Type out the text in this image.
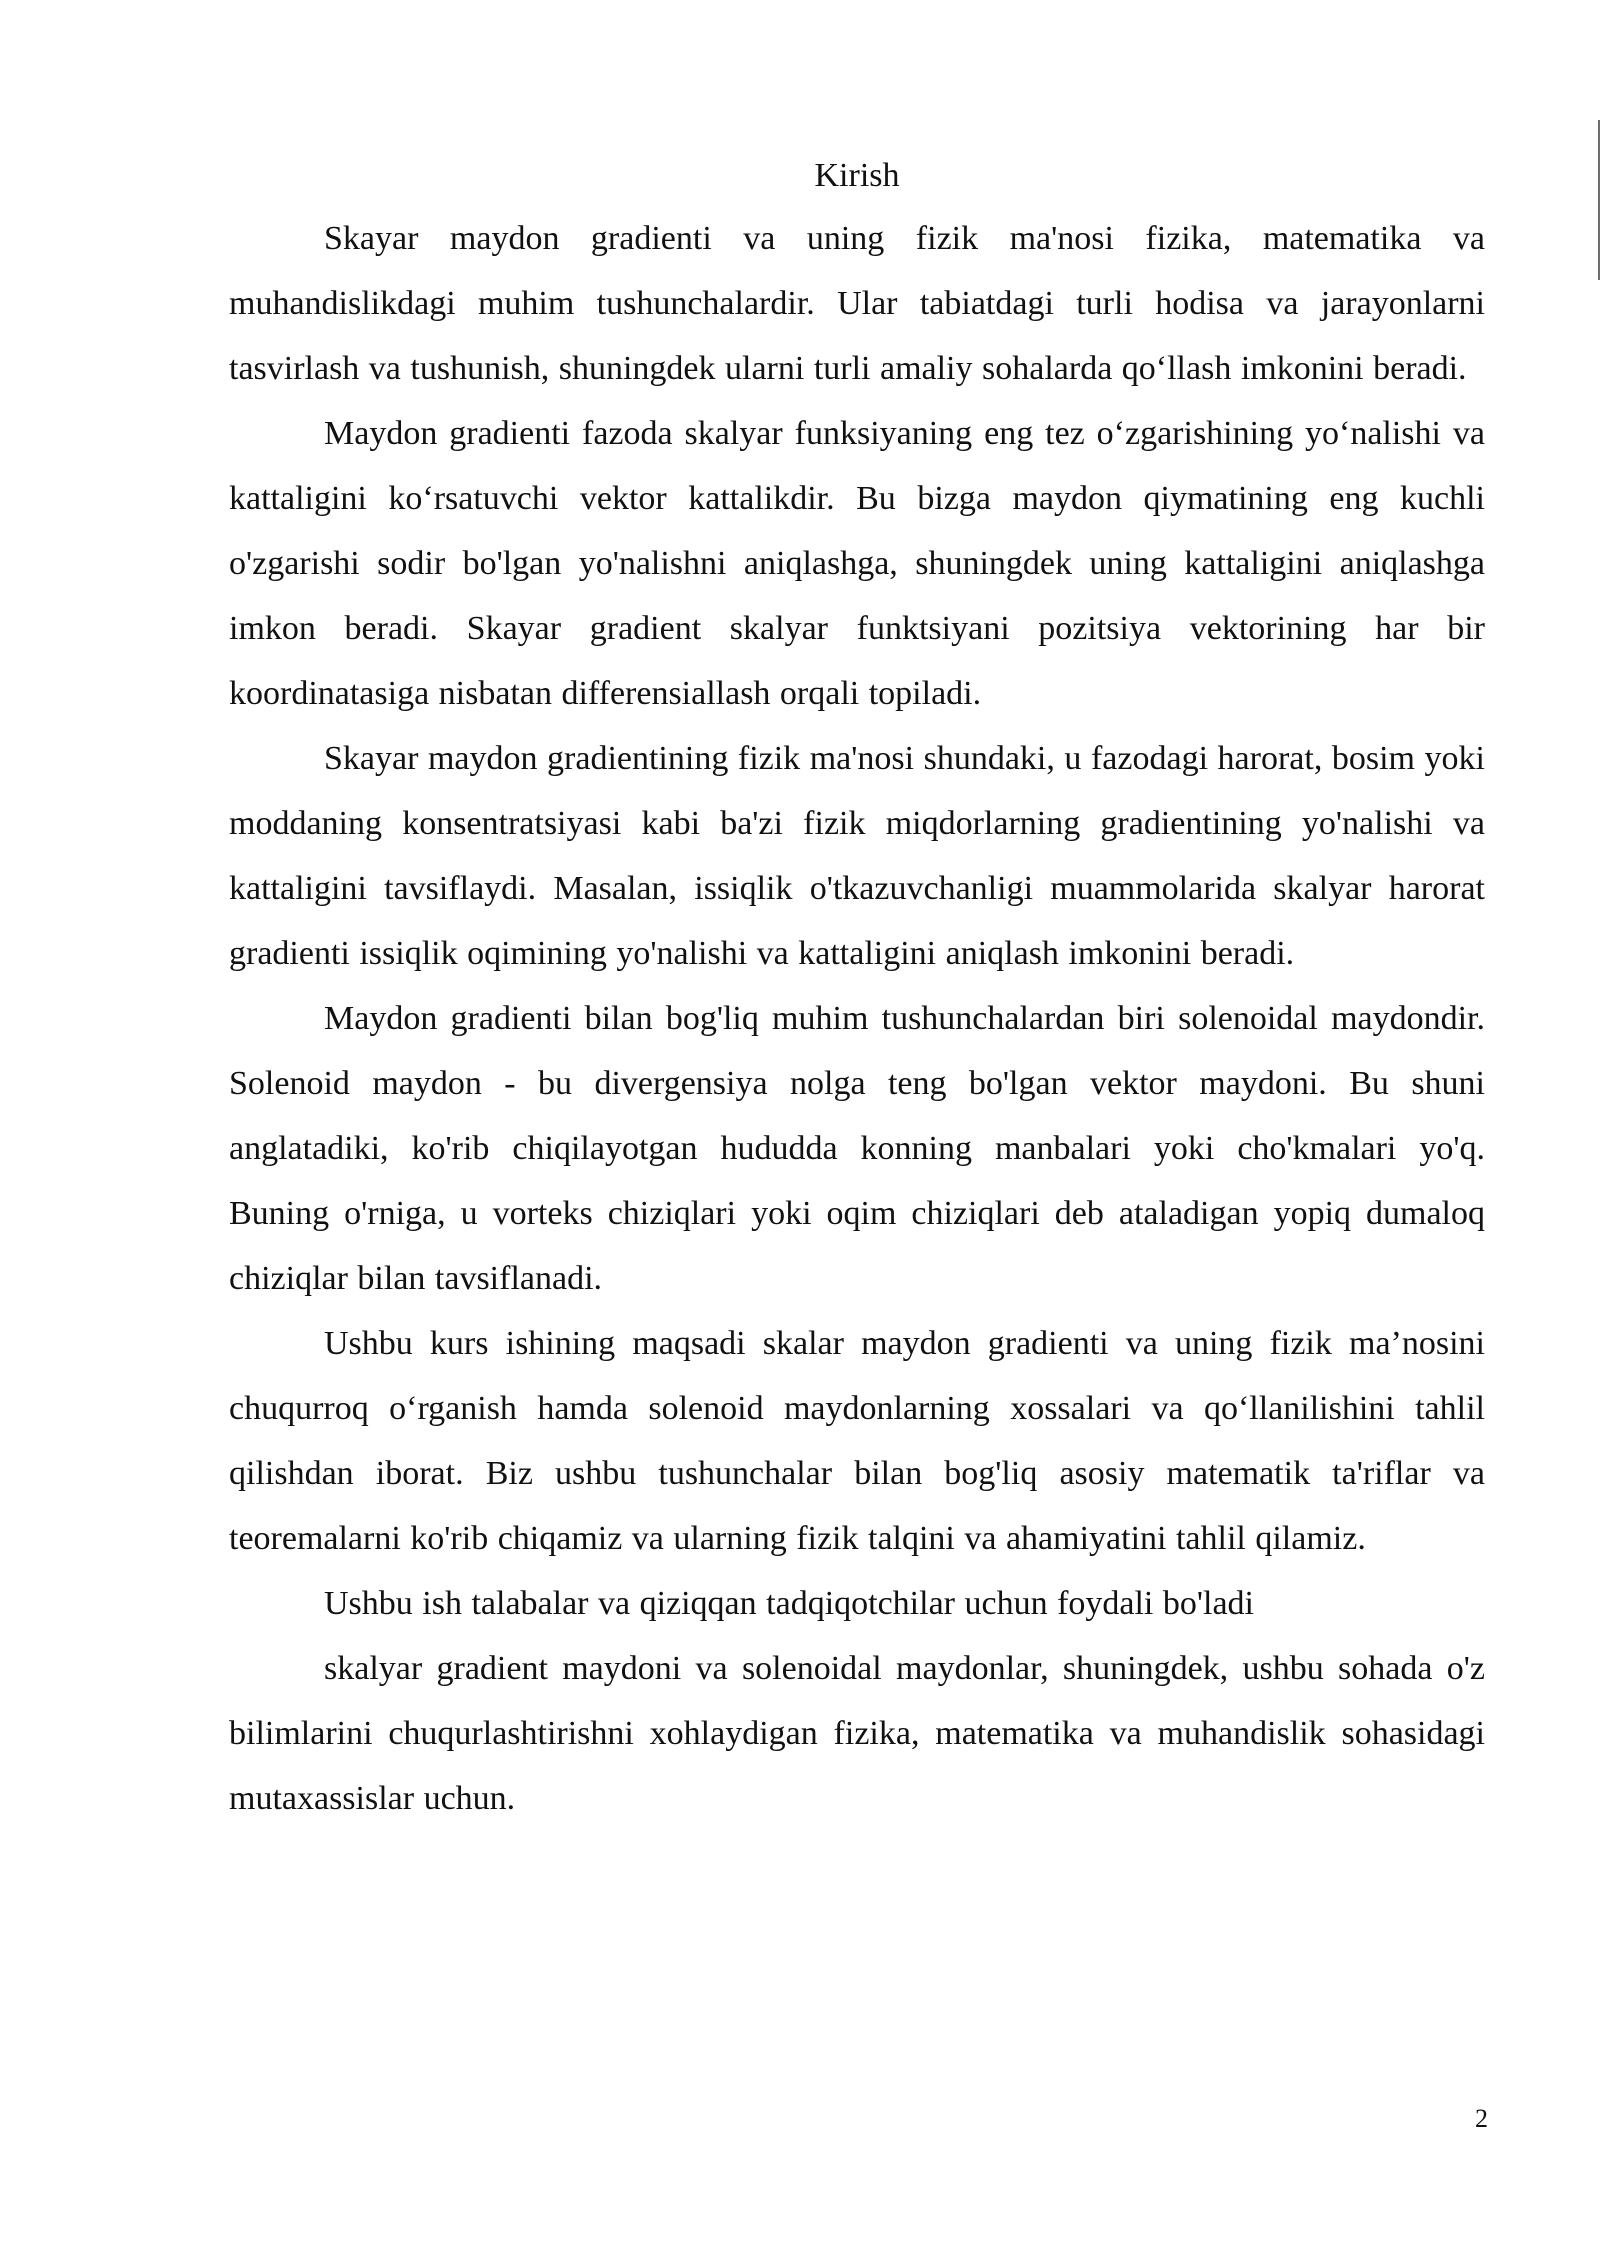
Kirish

Skayar maydon gradienti va uning fizik ma'nosi fizika, matematika va muhandislikdagi muhim tushunchalardir. Ular tabiatdagi turli hodisa va jarayonlarni tasvirlash va tushunish, shuningdek ularni turli amaliy sohalarda qo‘llash imkonini beradi.

Maydon gradienti fazoda skalyar funksiyaning eng tez o‘zgarishining yo‘nalishi va kattaligini ko‘rsatuvchi vektor kattalikdir. Bu bizga maydon qiymatining eng kuchli o'zgarishi sodir bo'lgan yo'nalishni aniqlashga, shuningdek uning kattaligini aniqlashga imkon beradi. Skayar gradient skalyar funktsiyani pozitsiya vektorining har bir koordinatasiga nisbatan differensiallash orqali topiladi.

Skayar maydon gradientining fizik ma'nosi shundaki, u fazodagi harorat, bosim yoki moddaning konsentratsiyasi kabi ba'zi fizik miqdorlarning gradientining yo'nalishi va kattaligini tavsiflaydi. Masalan, issiqlik o'tkazuvchanligi muammolarida skalyar harorat gradienti issiqlik oqimining yo'nalishi va kattaligini aniqlash imkonini beradi.

Maydon gradienti bilan bog'liq muhim tushunchalardan biri solenoidal maydondir. Solenoid maydon - bu divergensiya nolga teng bo'lgan vektor maydoni. Bu shuni anglatadiki, ko'rib chiqilayotgan hududda konning manbalari yoki cho'kmalari yo'q. Buning o'rniga, u vorteks chiziqlari yoki oqim chiziqlari deb ataladigan yopiq dumaloq chiziqlar bilan tavsiflanadi.

Ushbu kurs ishining maqsadi skalar maydon gradienti va uning fizik ma’nosini chuqurroq o‘rganish hamda solenoid maydonlarning xossalari va qo‘llanilishini tahlil qilishdan iborat. Biz ushbu tushunchalar bilan bog'liq asosiy matematik ta'riflar va teoremalarni ko'rib chiqamiz va ularning fizik talqini va ahamiyatini tahlil qilamiz.

Ushbu ish talabalar va qiziqqan tadqiqotchilar uchun foydali bo'ladi

skalyar gradient maydoni va solenoidal maydonlar, shuningdek, ushbu sohada o'z bilimlarini chuqurlashtirishni xohlaydigan fizika, matematika va muhandislik sohasidagi mutaxassislar uchun.

2
